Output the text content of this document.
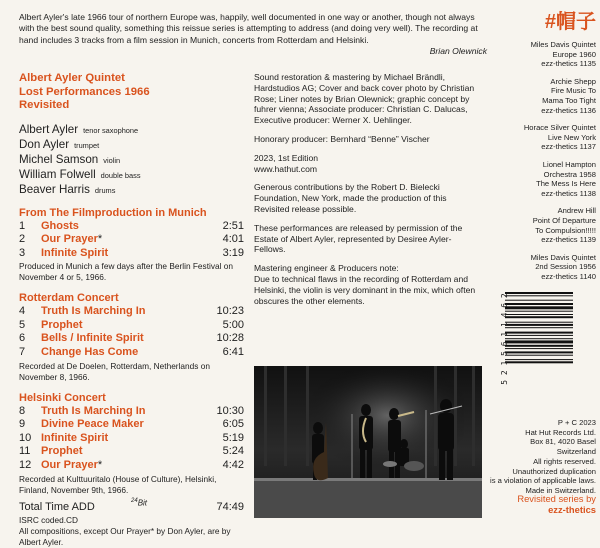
Albert Ayler's late 1966 tour of northern Europe was, happily, well documented in one way or another, though not always with the best sound quality, something this reissue series is attempting to address (and doing very well). The recording at hand includes 3 tracks from a film session in Munich, concerts from Rotterdam and Helsinki.
Brian Olewnick
Albert Ayler Quintet
Lost Performances 1966
Revisited
Albert Ayler tenor saxophone
Don Ayler trumpet
Michel Samson violin
William Folwell double bass
Beaver Harris drums
From The Filmproduction in Munich
1	Ghosts	2:51
2	Our Prayer*	4:01
3	Infinite Spirit	3:19
Produced in Munich a few days after the Berlin Festival on November 4 or 5, 1966.
Rotterdam Concert
4	Truth Is Marching In	10:23
5	Prophet	5:00
6	Bells / Infinite Spirit	10:28
7	Change Has Come	6:41
Recorded at De Doelen, Rotterdam, Netherlands on November 8, 1966.
Helsinki Concert
8	Truth Is Marching In	10:30
9	Divine Peace Maker	6:05
10 Infinite Spirit	5:19
11 Prophet	5:24
12 Our Prayer*	4:42
Recorded at Kulttuuritalo (House of Culture), Helsinki, Finland, November 9th, 1966.
Total Time ADD	$^{24}$Bit	74:49
ISRC coded.CD
All compositions, except Our Prayer* by Don Ayler, are by Albert Ayler.

Sound restoration & mastering by Michael Brändli, Hardstudios AG; Cover and back cover photo by Christian Rose; Liner notes by Brian Olewnick; graphic concept by fuhrer vienna; Associate producer: Christian C. Dalucas, Executive producer: Werner X. Uehlinger.

Honorary producer: Bernhard “Benne” Vischer

2023, 1st Edition
www.hathut.com

Generous contributions by the Robert D. Bielecki Foundation, New York, made the production of this Revisited release possible.

These performances are released by permission of the Estate of Albert Ayler, represented by Desiree Ayler-Fellows.

Mastering engineer & Producers note:
Due to technical flaws in the recording of Rotterdam and Helsinki, the violin is very dominant in the mix, which often obscures the other elements.

#帽子
Miles Davis Quintet
Europe 1960
ezz-thetics 1135
Archie Shepp
Fire Music To
Mama Too Tight
ezz-thetics 1136
Horace Silver Quintet
Live New York
ezz-thetics 1137
Lionel Hampton
Orchestra 1958
The Mess Is Here
ezz-thetics 1138
Andrew Hill
Point Of Departure
To Compulsion!!!!!
ezz-thetics 1139
Miles Davis Quintet
2nd Session 1956
ezz-thetics 1140
7 5 2 1 5 6 1 1 4 6 2 8
P + C 2023
Hat Hut Records Ltd.
Box 81, 4020 Basel
Switzerland
All rights reserved.
Unauthorized duplication
is a violation of applicable laws.
Made in Switzerland.
Revisited series by
ezz-thetics
